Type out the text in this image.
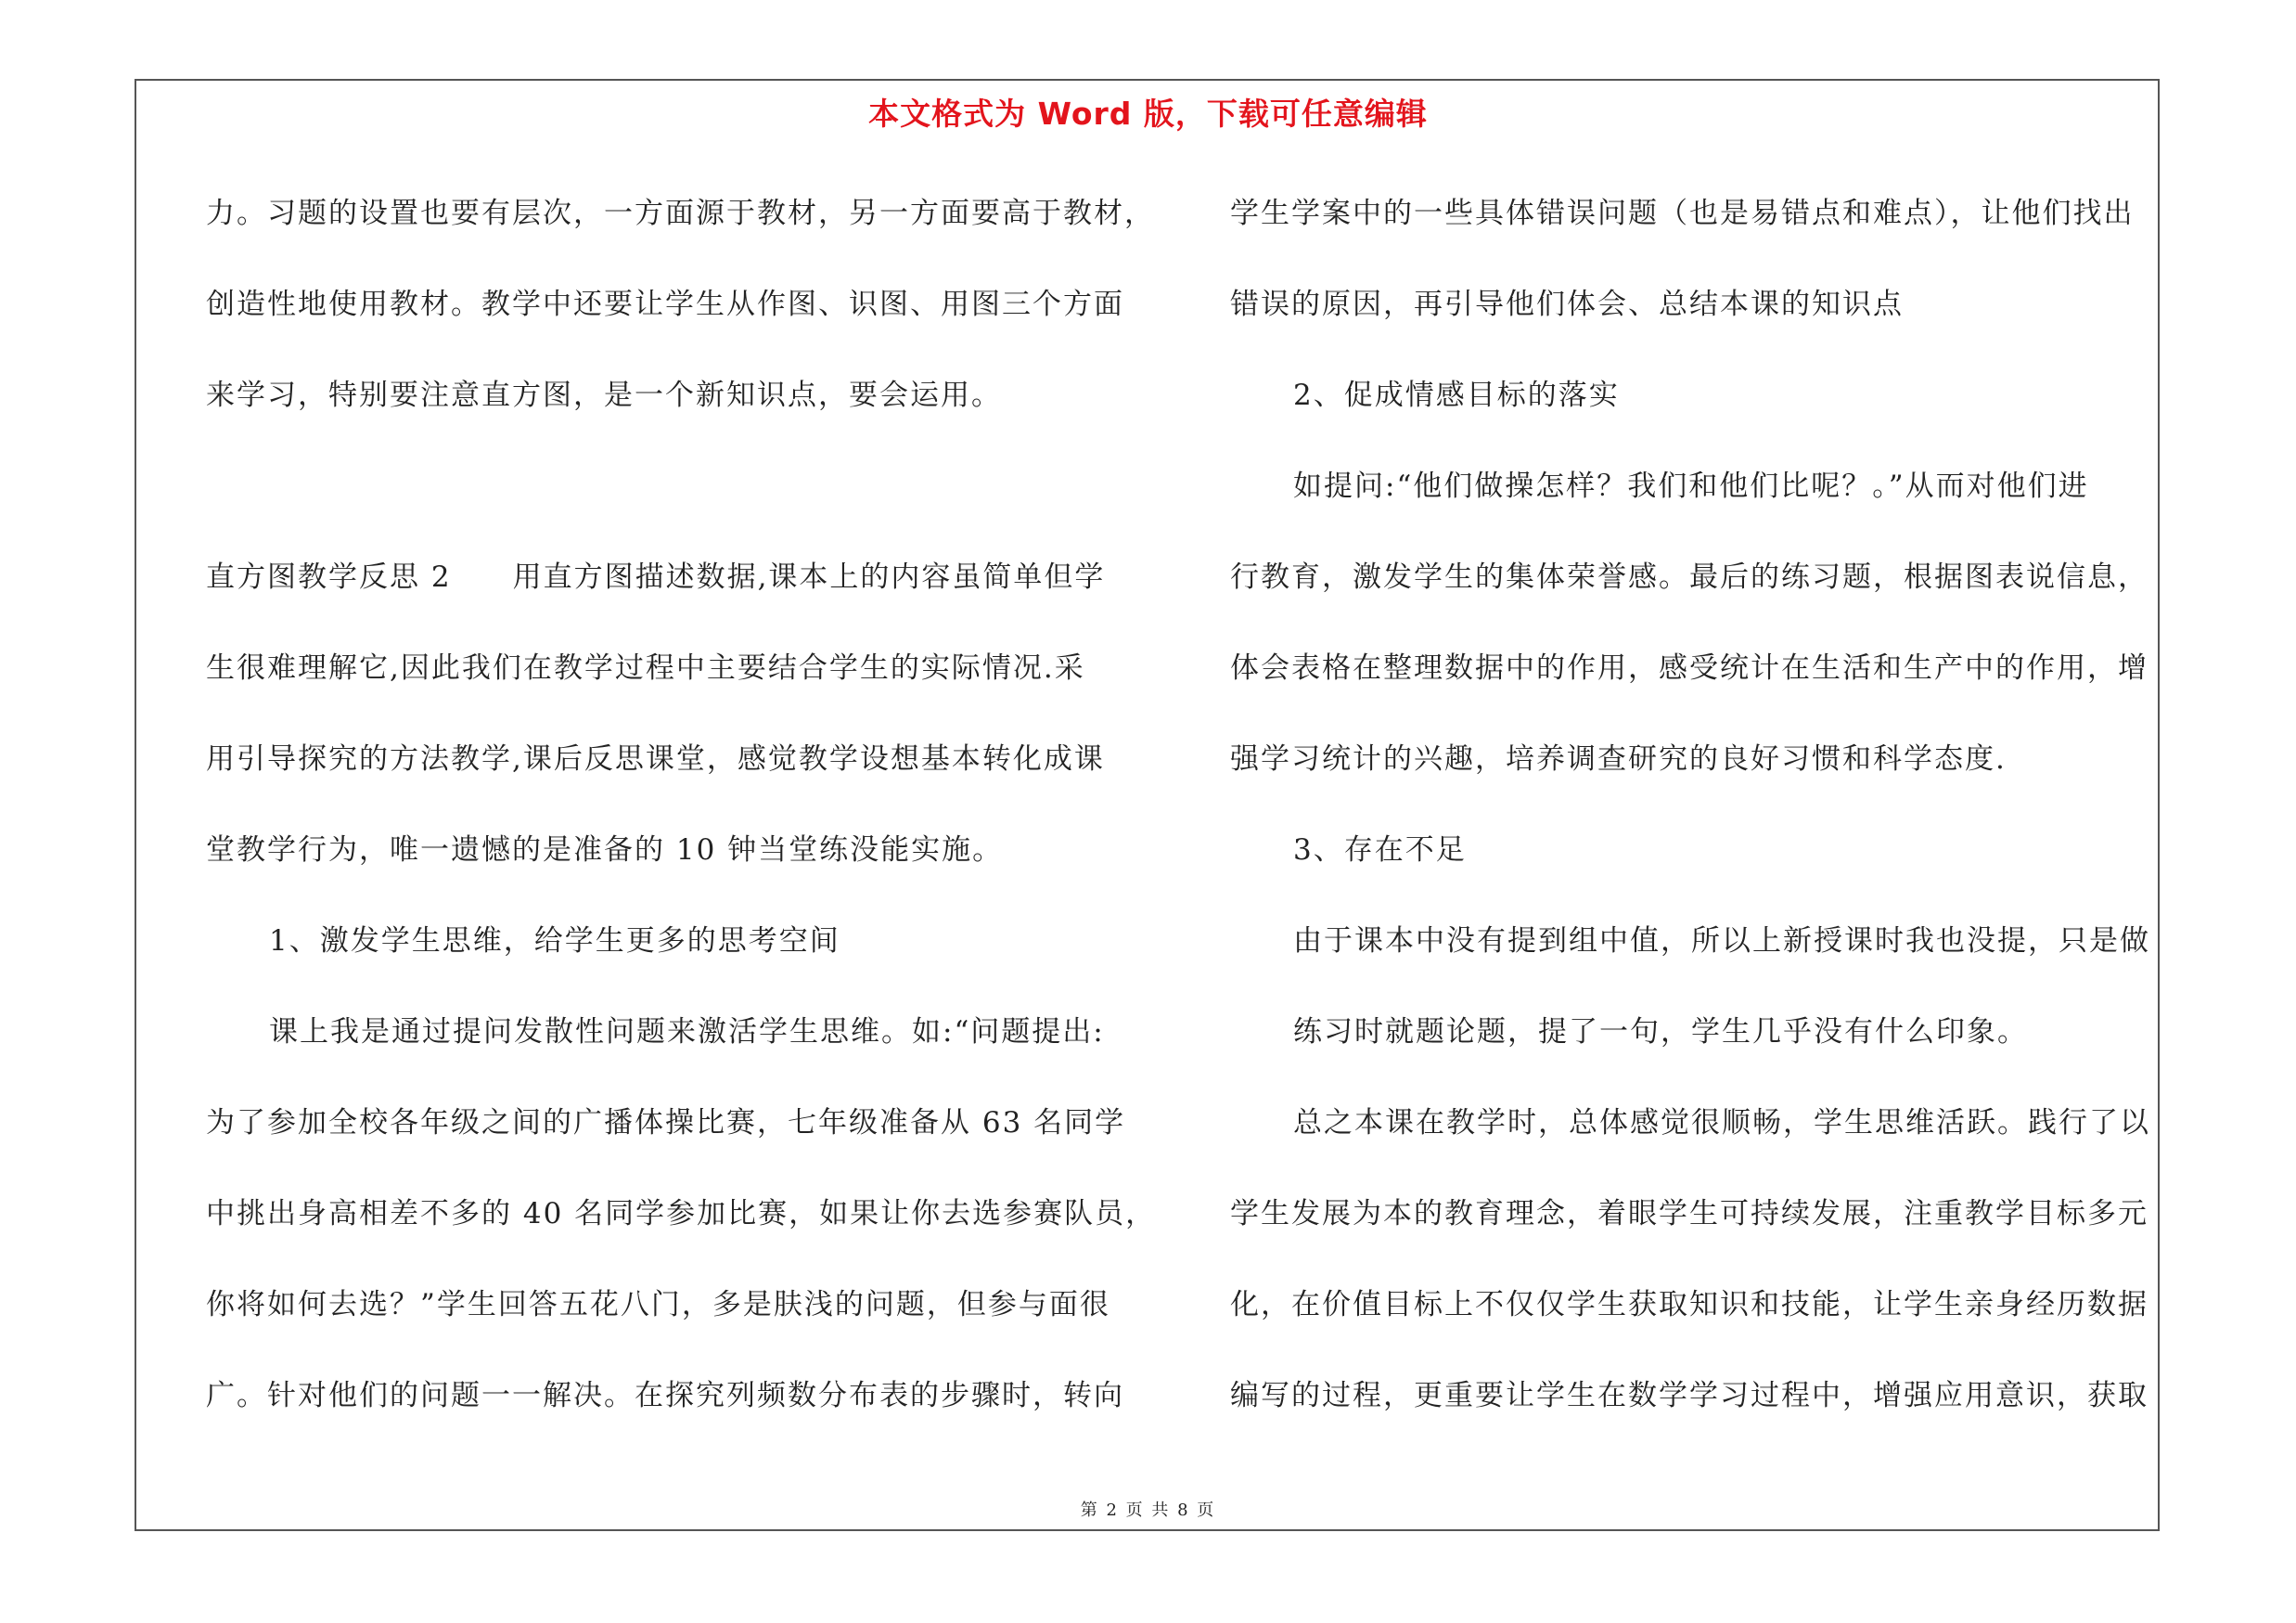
本文格式为 Word 版，下载可任意编辑
力。习题的设置也要有层次，一方面源于教材，另一方面要高于教材，
创造性地使用教材。教学中还要让学生从作图、识图、用图三个方面
来学习，特别要注意直方图，是一个新知识点，要会运用。
直方图教学反思 2　　用直方图描述数据,课本上的内容虽简单但学
生很难理解它,因此我们在教学过程中主要结合学生的实际情况.采
用引导探究的方法教学,课后反思课堂，感觉教学设想基本转化成课
堂教学行为，唯一遗憾的是准备的 10 钟当堂练没能实施。
1、激发学生思维，给学生更多的思考空间
课上我是通过提问发散性问题来激活学生思维。如:“问题提出:
为了参加全校各年级之间的广播体操比赛，七年级准备从 63 名同学
中挑出身高相差不多的 40 名同学参加比赛，如果让你去选参赛队员，
你将如何去选？”学生回答五花八门，多是肤浅的问题，但参与面很
广。针对他们的问题一一解决。在探究列频数分布表的步骤时，转向
学生学案中的一些具体错误问题（也是易错点和难点），让他们找出
错误的原因，再引导他们体会、总结本课的知识点
2、促成情感目标的落实
如提问:“他们做操怎样？我们和他们比呢？。”从而对他们进
行教育，激发学生的集体荣誉感。最后的练习题，根据图表说信息，
体会表格在整理数据中的作用，感受统计在生活和生产中的作用，增
强学习统计的兴趣，培养调查研究的良好习惯和科学态度.
3、存在不足
由于课本中没有提到组中值，所以上新授课时我也没提，只是做
练习时就题论题，提了一句，学生几乎没有什么印象。
总之本课在教学时，总体感觉很顺畅，学生思维活跃。践行了以
学生发展为本的教育理念，着眼学生可持续发展，注重教学目标多元
化，在价值目标上不仅仅学生获取知识和技能，让学生亲身经历数据
编写的过程，更重要让学生在数学学习过程中，增强应用意识，获取
第 2 页 共 8 页
